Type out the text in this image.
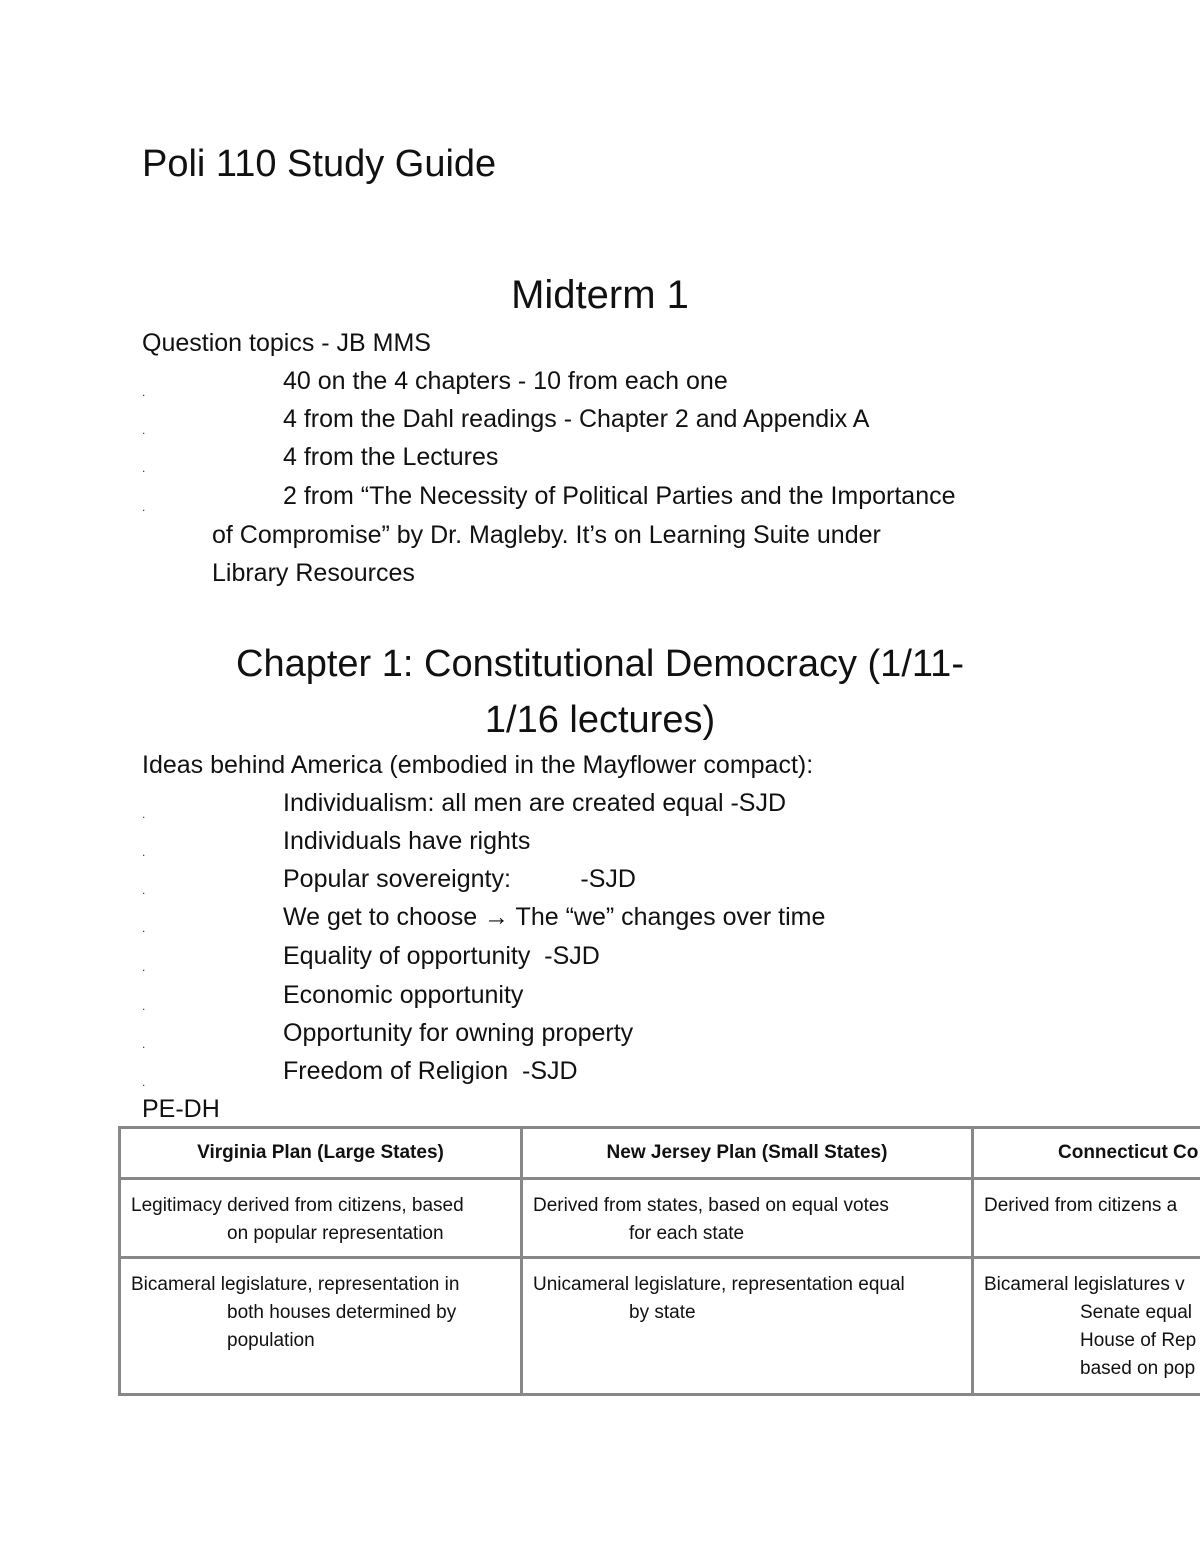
Poli 110 Study Guide
Midterm 1
Question topics - JB MMS
.	40 on the 4 chapters - 10 from each one
.	4 from the Dahl readings - Chapter 2 and Appendix A
.	4 from the Lectures
.	2 from “The Necessity of Political Parties and the Importance
of Compromise” by Dr. Magleby. It’s on Learning Suite under
Library Resources
Chapter 1: Constitutional Democracy (1/11-
1/16 lectures)
Ideas behind America (embodied in the Mayflower compact):
.	Individualism: all men are created equal -SJD
.	Individuals have rights
.	Popular sovereignty:          -SJD
.	We get to choose → The “we” changes over time
.	Equality of opportunity  -SJD
.	Economic opportunity
.	Opportunity for owning property
.	Freedom of Religion  -SJD
PE-DH
Virginia Plan (Large States)	New Jersey Plan (Small States)	Connecticut Co

Legitimacy derived from citizens, based
on popular representation	Derived from states, based on equal votes
for each state	Derived from citizens a

Bicameral legislature, representation in
both houses determined by
population	Unicameral legislature, representation equal
by state	Bicameral legislatures v
Senate equal
House of Rep
based on pop
